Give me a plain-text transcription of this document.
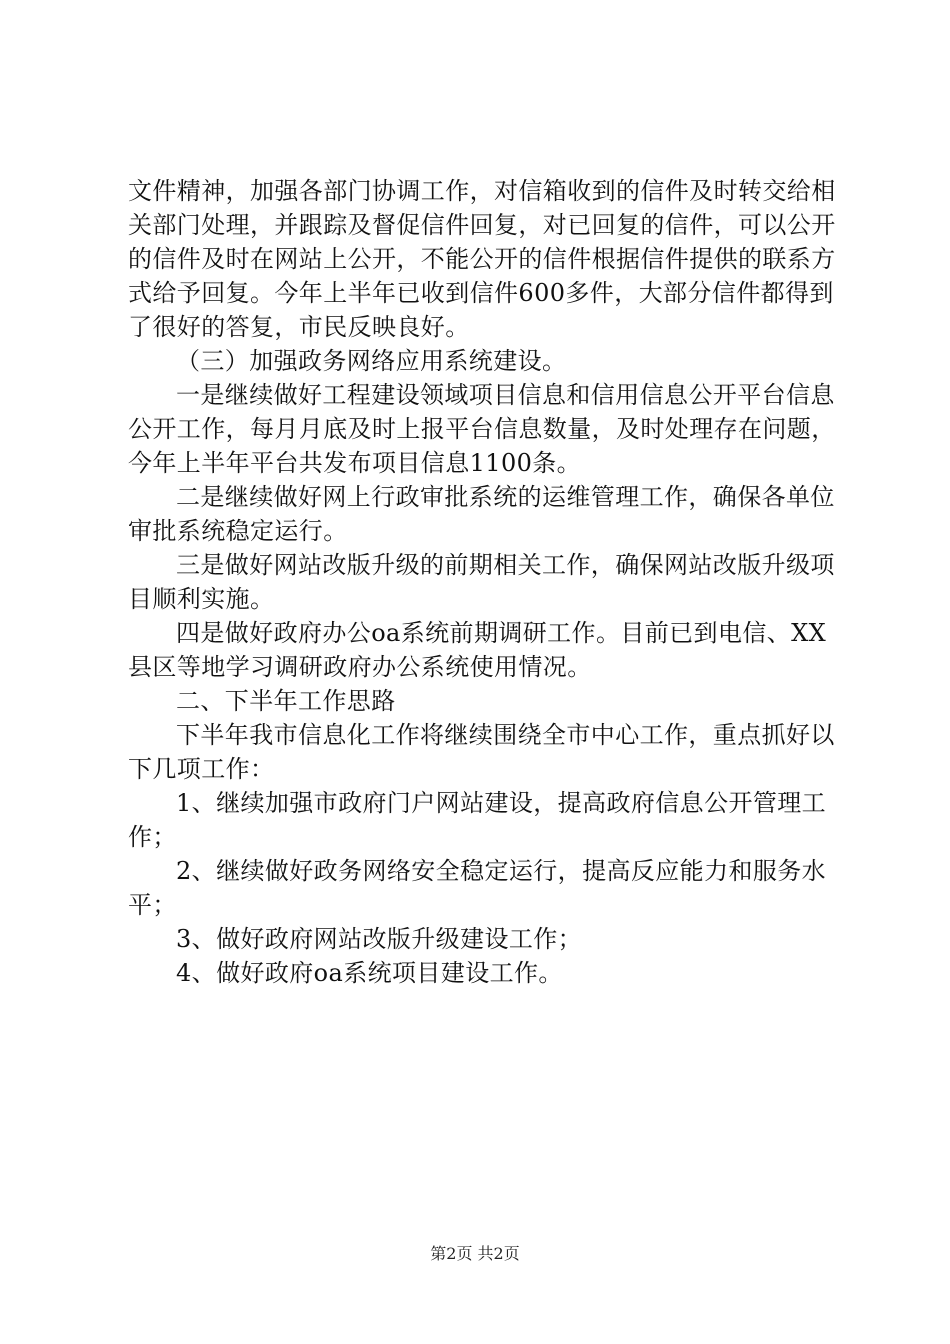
文件精神，加强各部门协调工作，对信箱收到的信件及时转交给相关部门处理，并跟踪及督促信件回复，对已回复的信件，可以公开的信件及时在网站上公开，不能公开的信件根据信件提供的联系方式给予回复。今年上半年已收到信件600多件，大部分信件都得到了很好的答复，市民反映良好。

（三）加强政务网络应用系统建设。

一是继续做好工程建设领域项目信息和信用信息公开平台信息公开工作，每月月底及时上报平台信息数量，及时处理存在问题，今年上半年平台共发布项目信息1100条。

二是继续做好网上行政审批系统的运维管理工作，确保各单位审批系统稳定运行。

三是做好网站改版升级的前期相关工作，确保网站改版升级项目顺利实施。

四是做好政府办公oa系统前期调研工作。目前已到电信、XX县区等地学习调研政府办公系统使用情况。

二、下半年工作思路

下半年我市信息化工作将继续围绕全市中心工作，重点抓好以下几项工作：

1、继续加强市政府门户网站建设，提高政府信息公开管理工作；

2、继续做好政务网络安全稳定运行，提高反应能力和服务水平；

3、做好政府网站改版升级建设工作；

4、做好政府oa系统项目建设工作。

第2页 共2页
